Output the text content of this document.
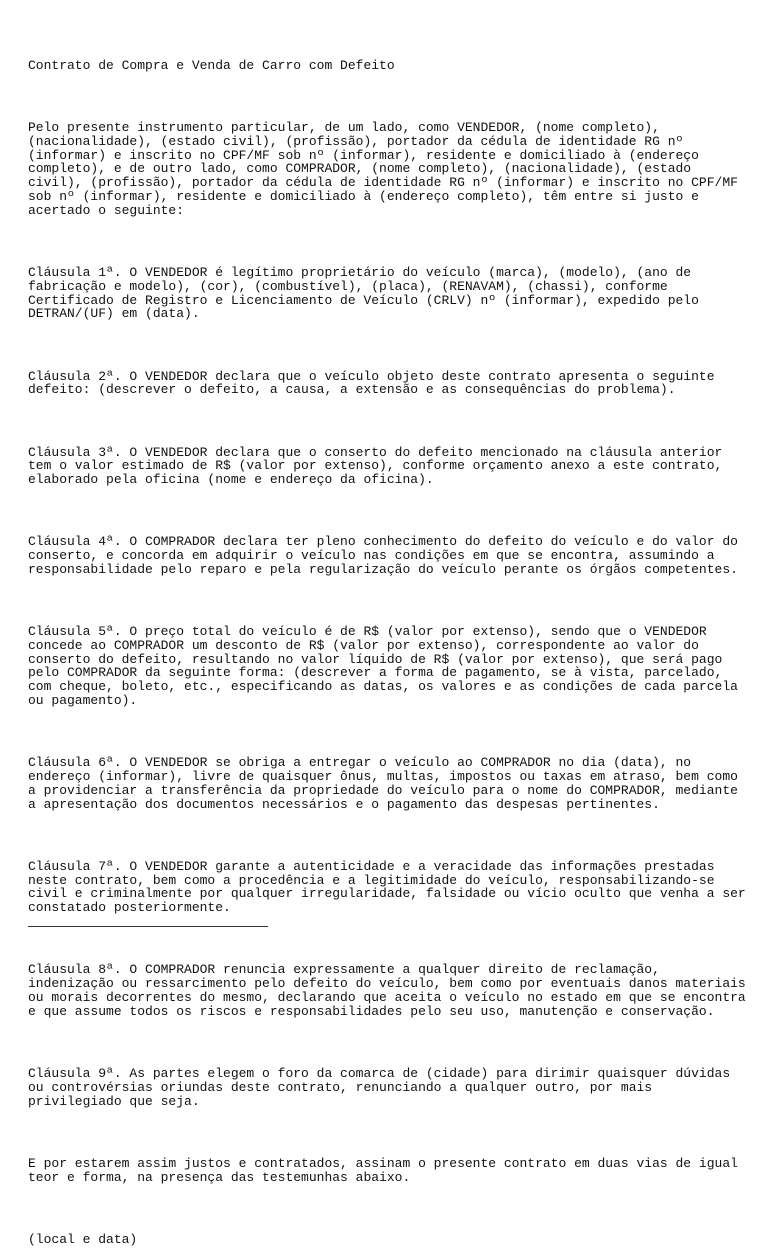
Contrato de Compra e Venda de Carro com Defeito

Pelo presente instrumento particular, de um lado, como VENDEDOR, (nome completo),
(nacionalidade), (estado civil), (profissão), portador da cédula de identidade RG nº
(informar) e inscrito no CPF/MF sob nº (informar), residente e domiciliado à (endereço
completo), e de outro lado, como COMPRADOR, (nome completo), (nacionalidade), (estado
civil), (profissão), portador da cédula de identidade RG nº (informar) e inscrito no CPF/MF
sob nº (informar), residente e domiciliado à (endereço completo), têm entre si justo e
acertado o seguinte:

Cláusula 1ª. O VENDEDOR é legítimo proprietário do veículo (marca), (modelo), (ano de
fabricação e modelo), (cor), (combustível), (placa), (RENAVAM), (chassi), conforme
Certificado de Registro e Licenciamento de Veículo (CRLV) nº (informar), expedido pelo
DETRAN/(UF) em (data).

Cláusula 2ª. O VENDEDOR declara que o veículo objeto deste contrato apresenta o seguinte
defeito: (descrever o defeito, a causa, a extensão e as consequências do problema).

Cláusula 3ª. O VENDEDOR declara que o conserto do defeito mencionado na cláusula anterior
tem o valor estimado de R$ (valor por extenso), conforme orçamento anexo a este contrato,
elaborado pela oficina (nome e endereço da oficina).

Cláusula 4ª. O COMPRADOR declara ter pleno conhecimento do defeito do veículo e do valor do
conserto, e concorda em adquirir o veículo nas condições em que se encontra, assumindo a
responsabilidade pelo reparo e pela regularização do veículo perante os órgãos competentes.

Cláusula 5ª. O preço total do veículo é de R$ (valor por extenso), sendo que o VENDEDOR
concede ao COMPRADOR um desconto de R$ (valor por extenso), correspondente ao valor do
conserto do defeito, resultando no valor líquido de R$ (valor por extenso), que será pago
pelo COMPRADOR da seguinte forma: (descrever a forma de pagamento, se à vista, parcelado,
com cheque, boleto, etc., especificando as datas, os valores e as condições de cada parcela
ou pagamento).

Cláusula 6ª. O VENDEDOR se obriga a entregar o veículo ao COMPRADOR no dia (data), no
endereço (informar), livre de quaisquer ônus, multas, impostos ou taxas em atraso, bem como
a providenciar a transferência da propriedade do veículo para o nome do COMPRADOR, mediante
a apresentação dos documentos necessários e o pagamento das despesas pertinentes.

Cláusula 7ª. O VENDEDOR garante a autenticidade e a veracidade das informações prestadas
neste contrato, bem como a procedência e a legitimidade do veículo, responsabilizando-se
civil e criminalmente por qualquer irregularidade, falsidade ou vício oculto que venha a ser
constatado posteriormente.

Cláusula 8ª. O COMPRADOR renuncia expressamente a qualquer direito de reclamação,
indenização ou ressarcimento pelo defeito do veículo, bem como por eventuais danos materiais
ou morais decorrentes do mesmo, declarando que aceita o veículo no estado em que se encontra
e que assume todos os riscos e responsabilidades pelo seu uso, manutenção e conservação.

Cláusula 9ª. As partes elegem o foro da comarca de (cidade) para dirimir quaisquer dúvidas
ou controvérsias oriundas deste contrato, renunciando a qualquer outro, por mais
privilegiado que seja.

E por estarem assim justos e contratados, assinam o presente contrato em duas vias de igual
teor e forma, na presença das testemunhas abaixo.

(local e data)
